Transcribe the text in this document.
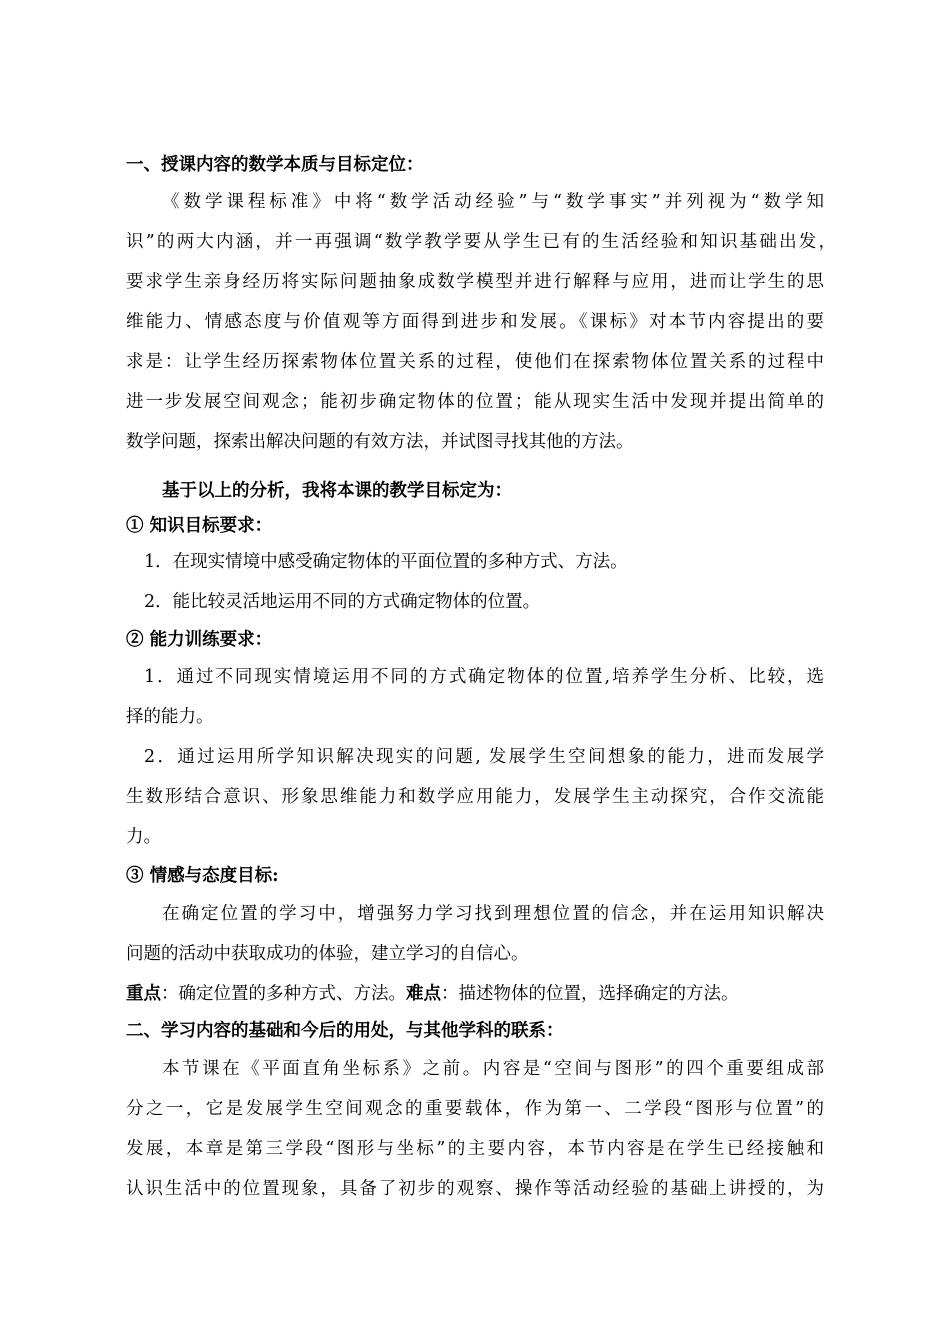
一、授课内容的数学本质与目标定位：
《数学课程标准》中将“数学活动经验”与“数学事实”并列视为“数学知
识”的两大内涵，并一再强调“数学教学要从学生已有的生活经验和知识基础出发，
要求学生亲身经历将实际问题抽象成数学模型并进行解释与应用，进而让学生的思
维能力、情感态度与价值观等方面得到进步和发展。《课标》对本节内容提出的要
求是：让学生经历探索物体位置关系的过程，使他们在探索物体位置关系的过程中
进一步发展空间观念；能初步确定物体的位置；能从现实生活中发现并提出简单的
数学问题，探索出解决问题的有效方法，并试图寻找其他的方法。
基于以上的分析，我将本课的教学目标定为：
① 知识目标要求：
1．在现实情境中感受确定物体的平面位置的多种方式、方法。
2．能比较灵活地运用不同的方式确定物体的位置。
② 能力训练要求：
1．通过不同现实情境运用不同的方式确定物体的位置,培养学生分析、比较，选
择的能力。
2．通过运用所学知识解决现实的问题, 发展学生空间想象的能力，进而发展学
生数形结合意识、形象思维能力和数学应用能力，发展学生主动探究，合作交流能
力。
③ 情感与态度目标:
在确定位置的学习中，增强努力学习找到理想位置的信念，并在运用知识解决
问题的活动中获取成功的体验，建立学习的自信心。
重点：确定位置的多种方式、方法。难点：描述物体的位置，选择确定的方法。
二、学习内容的基础和今后的用处，与其他学科的联系：
本节课在《平面直角坐标系》之前。内容是“空间与图形”的四个重要组成部
分之一，它是发展学生空间观念的重要载体，作为第一、二学段“图形与位置”的
发展，本章是第三学段“图形与坐标”的主要内容，本节内容是在学生已经接触和
认识生活中的位置现象，具备了初步的观察、操作等活动经验的基础上讲授的，为
